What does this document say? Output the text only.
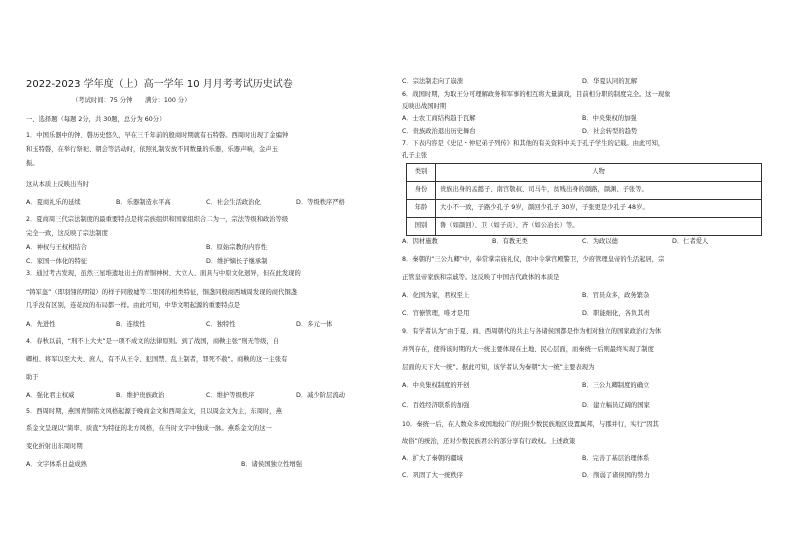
2022-2023 学年度（上）高一学年 10 月月考考试历史试卷
（考试时间：75 分钟　　满分：100 分）
一、选择题（每题 2分，共 30题，总分为 60分）
1．中国乐器中的钟、磬历史悠久，早在三千年前的殷商时期就有石特磬。西周时出现了金编钟
和玉特磬，在举行祭祀、朝会等活动时，依照礼制安放不同数量的乐器，乐器声响，金声玉
振。
这从本质上反映出当时
A．夏商礼乐的延续	B．乐器制造水平高	C．社会生活政治化	D．等级秩序严格
2．夏商周三代宗法制度的最重要特点是将宗族组织和国家组织合二为一，宗法等级和政治等级
完全一致，这反映了宗法制度
A．神权与王权相结合	B．原始宗教的内容性
C．家国一体化的特征	D．维护嫡长子继承制
3．通过考古发现，虽然三星堆遗址出土的青铜神树、大立人、面具与中原文化迥异，但在此发现的
“铸军盔”（即羽翎的明镜）的样子同殷墟等二里冈的相类特征，铜盏同殷商西城周发现的商代铜盏
几乎没有区别，连花纹的布局都一样。由此可知，中华文明起源的重要特点是
A．先进性	B．连续性	C．独特性	D．多元一体
4．春秋以前，“刑不上大夫”是一项不成文的法律原则。到了战国，商鞅主张“刑无等级，自
卿相、将军以至大夫、庶人，有不从王令、犯国禁、乱上制者，罪死不赦”。商鞅的这一主张有
助于
A．强化君主权威	B．维护贵族政治	C．维护等级秩序	D．减少阶层流动
5．西周时期，燕国青铜铭文风格起源于晚商金文和西周金文，且以周金文为主，东周时，燕
系金文呈现以“简率、质直”为特征的北方风格，在当时文字中独成一脉。燕系金文的这一
变化折射出东周时期
A．文字体系日益成熟	B．诸侯国独立性增强
C．宗法制走向了崩溃	D．华夏认同的瓦解
6．战国时期，为取王分可理解政务和军事的相互将大量滴戏，目前相分职的制度完全。这一现象
反映出战国时期
A．士农工商结构趋于瓦解	B．中央集权的加强
C．贵族政治退出历史舞台	D．社会转型的趋势
7．下表内容是《史记・仲尼弟子列传》和其他的有关资料中关于孔子学生的记载。由此可知，
孔子主张
类别	人物
身份	贵族出身的孟懿子、南宫敬叔、司马牛，贫贱出身的颜路，颜渊、子张等。
年龄	大小不一致，子路少孔子 9岁，颜回少孔子 30岁，子张更是少孔子 48岁。
国别	鲁（如颜回）、卫（如子贡）、齐（如公冶长）等。
A．因材施教	B．有教无类	C．为政以德	D．仁者爱人
8．秦朝的“三公九卿”中，奉常掌宗庙礼仪，郎中令掌宫殿警卫，少府管理皇帝的生活起居，宗
正管皇帝家族和宗戚等。这反映了中国古代政体的本质是
A．化国为家，君权至上	B．官员众多，政务繁杂
C．官僚管理，唯才是用	D．职能细化，各负其责
9．有学者认为“由于夏、商、西周朝代的共主与各诸侯国都是作为相对独立的国家政治行为体
并列存在，使得该时期的大一统主要体现在土地、民心层面，而秦统一后则最终实现了制度
层面的天下大一统”。据此可知，该学者认为秦朝“大一统”主要表现为
A．中央集权制度的开创	B．三公九卿制度的确立
C．百姓经济联系的加强	D．建立幅员辽阔的国家
10．秦统一后，在人数众多或国地较广的归附少数民族地区设置属邦，与郡并行，实行“因其
故俗”的统治，还对少数民族君公的部分享有行政权。上述政策
A．扩大了秦朝的疆域	B．完善了基层治理体系
C．巩固了大一统秩序	D．削弱了诸侯国的势力
